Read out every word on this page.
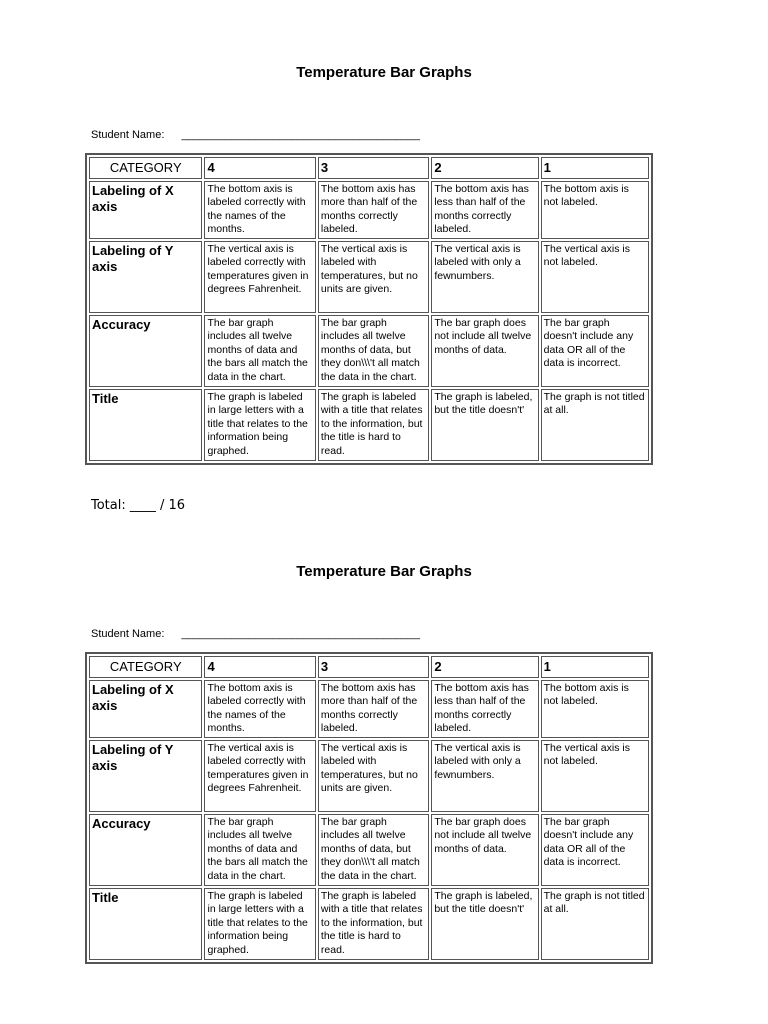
Temperature Bar Graphs
Student Name: _______________________________________
CATEGORY	4	3	2	1
Labeling of X axis	The bottom axis is labeled correctly with the names of the months.	The bottom axis has more than half of the months correctly labeled.	The bottom axis has less than half of the months correctly labeled.	The bottom axis is not labeled.
Labeling of Y axis	The vertical axis is labeled correctly with temperatures given in degrees Fahrenheit.	The vertical axis is labeled with temperatures, but no units are given.	The vertical axis is labeled with only a fewnumbers.	The vertical axis is not labeled.
Accuracy	The bar graph includes all twelve months of data and the bars all match the data in the chart.	The bar graph includes all twelve months of data, but they don\\\'t all match the data in the chart.	The bar graph does not include all twelve months of data.	The bar graph doesn't include any data OR all of the data is incorrect.
Title	The graph is labeled in large letters with a title that relates to the information being graphed.	The graph is labeled with a title that relates to the information, but the title is hard to read.	The graph is labeled, but the title doesn't'	The graph is not titled at all.
Total: ____ / 16
Temperature Bar Graphs
Student Name: _______________________________________
CATEGORY	4	3	2	1
Labeling of X axis	The bottom axis is labeled correctly with the names of the months.	The bottom axis has more than half of the months correctly labeled.	The bottom axis has less than half of the months correctly labeled.	The bottom axis is not labeled.
Labeling of Y axis	The vertical axis is labeled correctly with temperatures given in degrees Fahrenheit.	The vertical axis is labeled with temperatures, but no units are given.	The vertical axis is labeled with only a fewnumbers.	The vertical axis is not labeled.
Accuracy	The bar graph includes all twelve months of data and the bars all match the data in the chart.	The bar graph includes all twelve months of data, but they don\\\'t all match the data in the chart.	The bar graph does not include all twelve months of data.	The bar graph doesn't include any data OR all of the data is incorrect.
Title	The graph is labeled in large letters with a title that relates to the information being graphed.	The graph is labeled with a title that relates to the information, but the title is hard to read.	The graph is labeled, but the title doesn't'	The graph is not titled at all.
